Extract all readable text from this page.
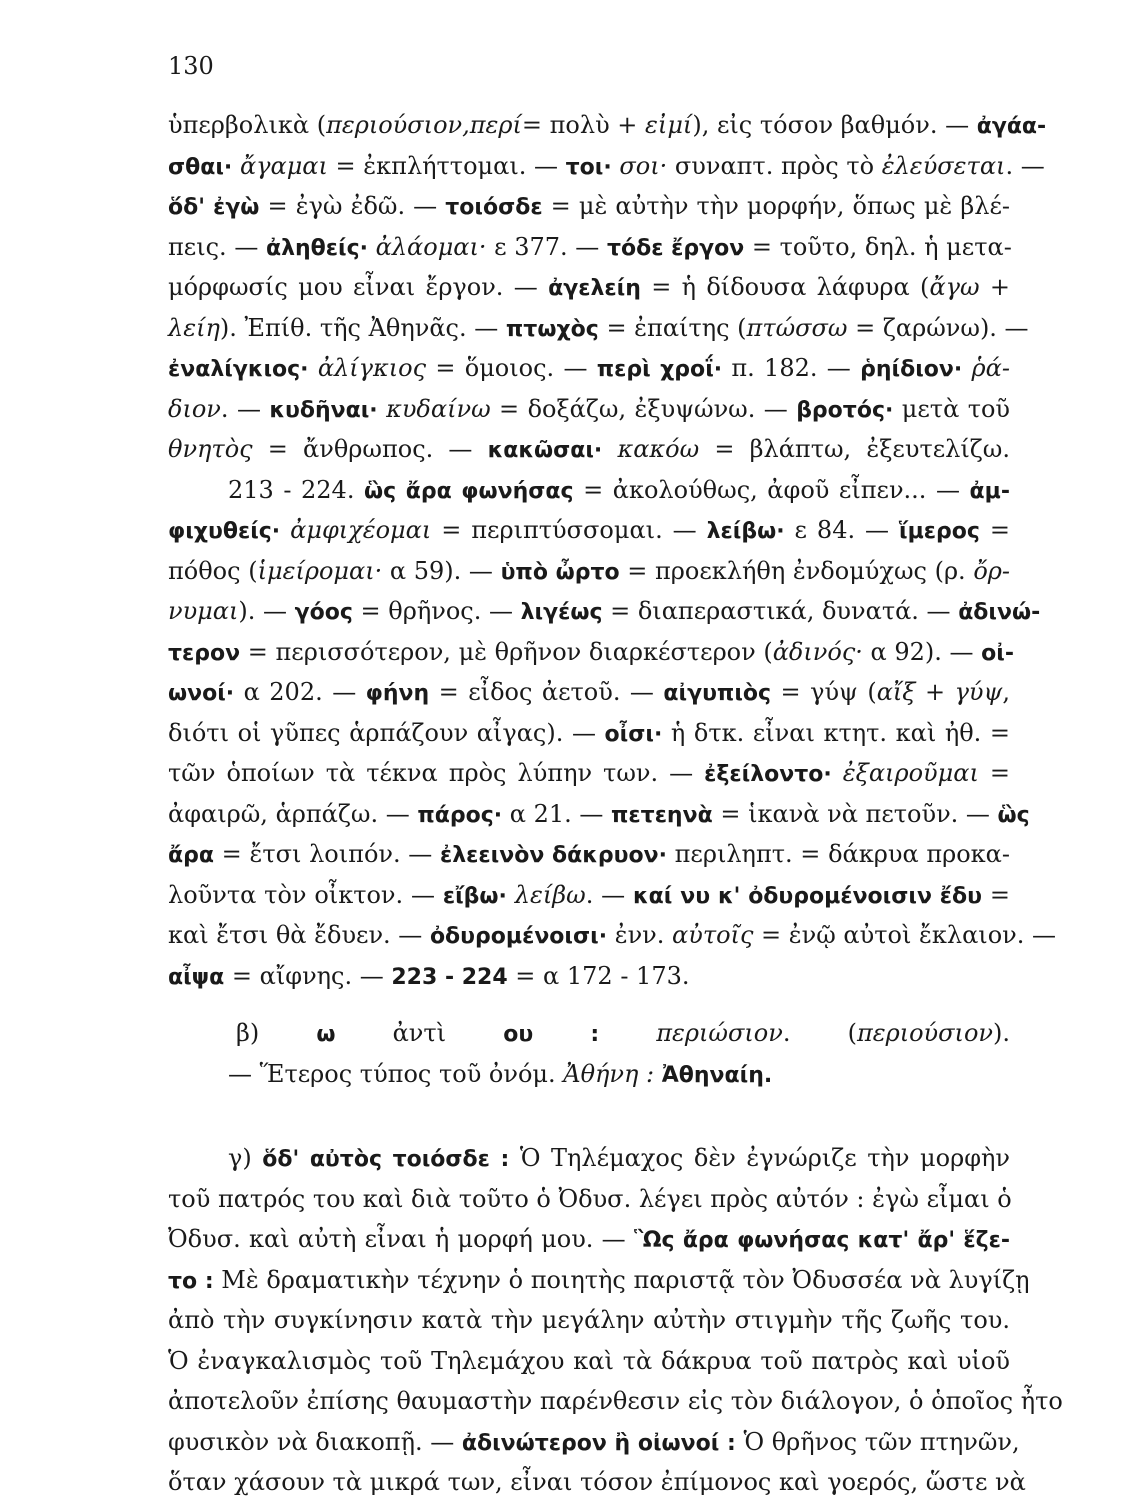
130
ὑπερβολικὰ (περιούσιον,περί= πολὺ + εἰμί), εἰς τόσον βαθμόν. — ἀγάα-
σθαι· ἄγαμαι = ἐκπλήττομαι. — τοι· σοι· συναπτ. πρὸς τὸ ἐλεύσεται. —
ὅδ' ἐγὼ = ἐγὼ ἐδῶ. — τοιόσδε = μὲ αὐτὴν τὴν μορφήν, ὅπως μὲ βλέ-
πεις. — ἀληθείς· ἀλάομαι· ε 377. — τόδε ἔργον = τοῦτο, δηλ. ἡ μετα-
μόρφωσίς μου εἶναι ἔργον. — ἀγελείη = ἡ δίδουσα λάφυρα (ἄγω +
λείη). Ἐπίθ. τῆς Ἀθηνᾶς. — πτωχὸς = ἐπαίτης (πτώσσω = ζαρώνω). —
ἐναλίγκιος· ἀλίγκιος = ὅμοιος. — περὶ χροΐ· π. 182. — ῥηίδιον· ῥά-
διον. — κυδῆναι· κυδαίνω = δοξάζω, ἐξυψώνω. — βροτός· μετὰ τοῦ
θνητὸς = ἄνθρωπος. — κακῶσαι· κακόω = βλάπτω, ἐξευτελίζω.
213 - 224. ὣς ἄρα φωνήσας = ἀκολούθως, ἀφοῦ εἶπεν... — ἀμ-
φιχυθείς· ἀμφιχέομαι = περιπτύσσομαι. — λείβω· ε 84. — ἵμερος =
πόθος (ἱμείρομαι· α 59). — ὑπὸ ὦρτο = προεκλήθη ἐνδομύχως (ρ. ὄρ-
νυμαι). — γόος = θρῆνος. — λιγέως = διαπεραστικά, δυνατά. — ἀδινώ-
τερον = περισσότερον, μὲ θρῆνον διαρκέστερον (ἀδινός· α 92). — οἰ-
ωνοί· α 202. — φήνη = εἶδος ἀετοῦ. — αἰγυπιὸς = γύψ (αἴξ + γύψ,
διότι οἱ γῦπες ἁρπάζουν αἶγας). — οἶσι· ἡ δτκ. εἶναι κτητ. καὶ ἠθ. =
τῶν ὁποίων τὰ τέκνα πρὸς λύπην των. — ἐξείλοντο· ἐξαιροῦμαι =
ἀφαιρῶ, ἁρπάζω. — πάρος· α 21. — πετεηνὰ = ἱκανὰ νὰ πετοῦν. — ὣς
ἄρα = ἔτσι λοιπόν. — ἐλεεινὸν δάκρυον· περιληπτ. = δάκρυα προκα-
λοῦντα τὸν οἶκτον. — εἴβω· λείβω. — καί νυ κ' ὀδυρομένοισιν ἔδυ =
καὶ ἔτσι θὰ ἔδυεν. — ὀδυρομένοισι· ἐνν. αὐτοῖς = ἐνῷ αὐτοὶ ἔκλαιον. —
αἶψα = αἴφνης. — 223 - 224 = α 172 - 173.
β) ω ἀντὶ ου : περιώσιον. (περιούσιον).
— Ἕτερος τύπος τοῦ ὀνόμ. Ἀθήνη : Ἀθηναίη.
γ) ὅδ' αὐτὸς τοιόσδε : Ὁ Τηλέμαχος δὲν ἐγνώριζε τὴν μορφὴν
τοῦ πατρός του καὶ διὰ τοῦτο ὁ Ὀδυσ. λέγει πρὸς αὐτόν : ἐγὼ εἶμαι ὁ
Ὀδυσ. καὶ αὐτὴ εἶναι ἡ μορφή μου. — Ὣς ἄρα φωνήσας κατ' ἄρ' ἕζε-
το : Μὲ δραματικὴν τέχνην ὁ ποιητὴς παριστᾷ τὸν Ὀδυσσέα νὰ λυγίζῃ
ἀπὸ τὴν συγκίνησιν κατὰ τὴν μεγάλην αὐτὴν στιγμὴν τῆς ζωῆς του.
Ὁ ἐναγκαλισμὸς τοῦ Τηλεμάχου καὶ τὰ δάκρυα τοῦ πατρὸς καὶ υἱοῦ
ἀποτελοῦν ἐπίσης θαυμαστὴν παρένθεσιν εἰς τὸν διάλογον, ὁ ὁποῖος ἦτο
φυσικὸν νὰ διακοπῇ. — ἀδινώτερον ἢ οἰωνοί : Ὁ θρῆνος τῶν πτηνῶν,
ὅταν χάσουν τὰ μικρά των, εἶναι τόσον ἐπίμονος καὶ γοερός, ὥστε νὰ
